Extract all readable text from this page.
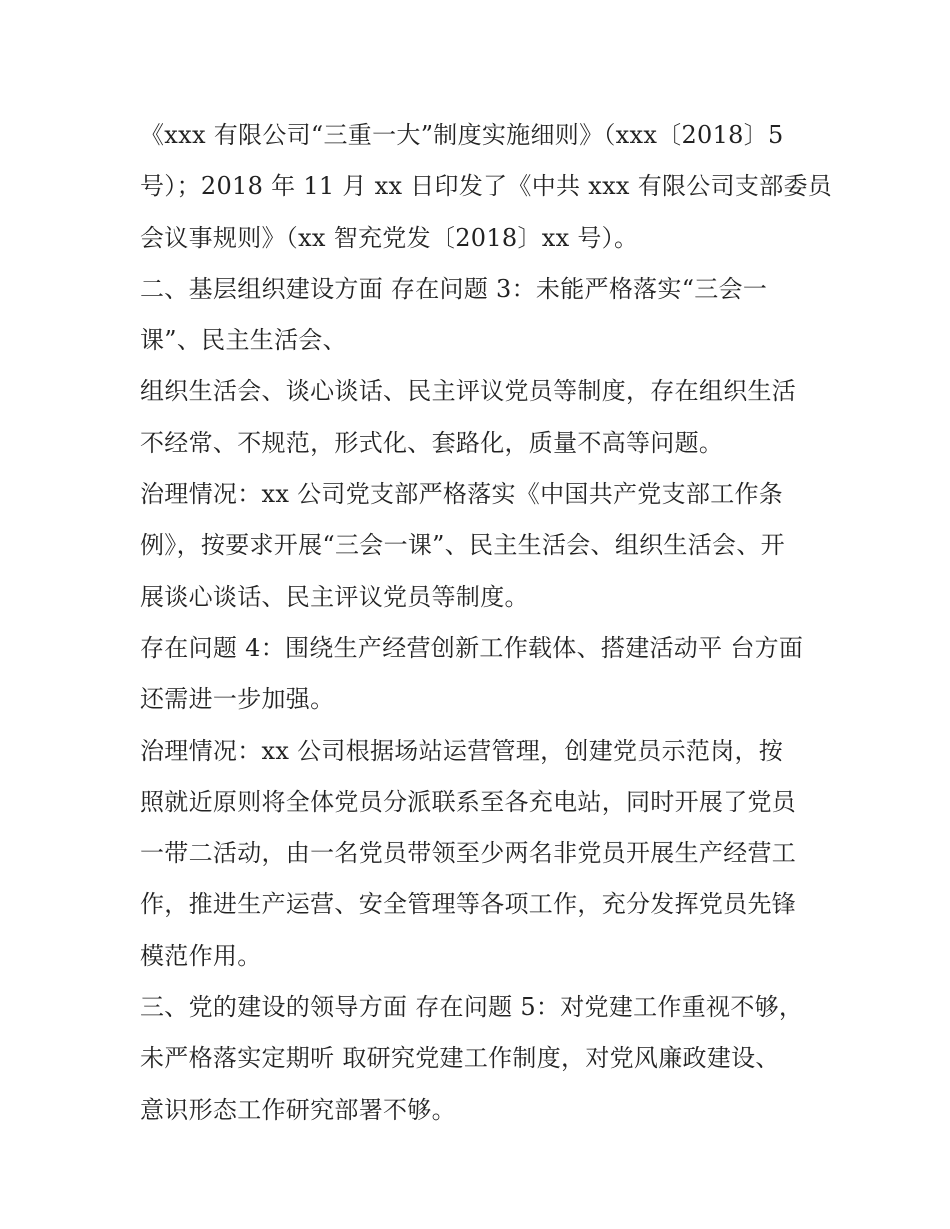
《xxx 有限公司“三重一大”制度实施细则》（xxx〔2018〕5
号）；2018 年 11 月 xx 日印发了《中共 xxx 有限公司支部委员
会议事规则》（xx 智充党发〔2018〕xx 号）。
二、基层组织建设方面 存在问题 3：未能严格落实“三会一
课”、民主生活会、
组织生活会、谈心谈话、民主评议党员等制度，存在组织生活
不经常、不规范，形式化、套路化，质量不高等问题。
治理情况：xx 公司党支部严格落实《中国共产党支部工作条
例》，按要求开展“三会一课”、民主生活会、组织生活会、开
展谈心谈话、民主评议党员等制度。
存在问题 4：围绕生产经营创新工作载体、搭建活动平 台方面
还需进一步加强。
治理情况：xx 公司根据场站运营管理，创建党员示范岗，按
照就近原则将全体党员分派联系至各充电站，同时开展了党员
一带二活动，由一名党员带领至少两名非党员开展生产经营工
作，推进生产运营、安全管理等各项工作，充分发挥党员先锋
模范作用。
三、党的建设的领导方面 存在问题 5：对党建工作重视不够，
未严格落实定期听 取研究党建工作制度，对党风廉政建设、
意识形态工作研究部署不够。
